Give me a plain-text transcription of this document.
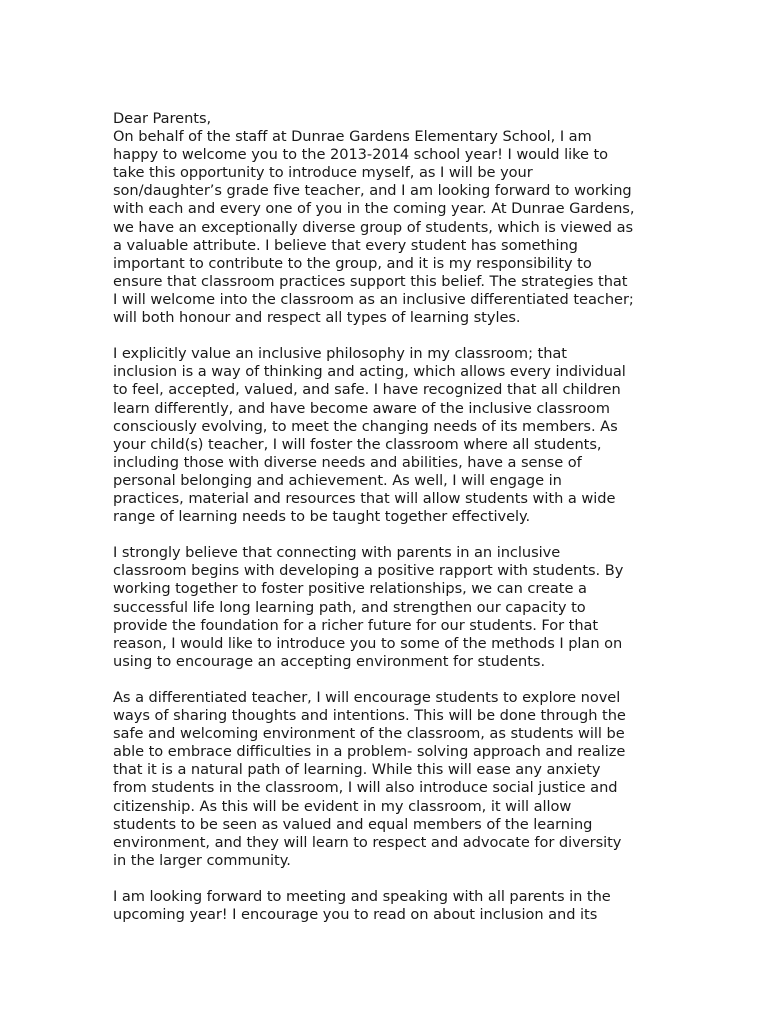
Dear Parents,

On behalf of the staff at Dunrae Gardens Elementary School, I am
happy to welcome you to the 2013-2014 school year! I would like to
take this opportunity to introduce myself, as I will be your
son/daughter’s grade five teacher, and I am looking forward to working
with each and every one of you in the coming year. At Dunrae Gardens,
we have an exceptionally diverse group of students, which is viewed as
a valuable attribute. I believe that every student has something
important to contribute to the group, and it is my responsibility to
ensure that classroom practices support this belief. The strategies that
I will welcome into the classroom as an inclusive differentiated teacher;
will both honour and respect all types of learning styles.

I explicitly value an inclusive philosophy in my classroom; that
inclusion is a way of thinking and acting, which allows every individual
to feel, accepted, valued, and safe. I have recognized that all children
learn differently, and have become aware of the inclusive classroom
consciously evolving, to meet the changing needs of its members. As
your child(s) teacher, I will foster the classroom where all students,
including those with diverse needs and abilities, have a sense of
personal belonging and achievement. As well, I will engage in
practices, material and resources that will allow students with a wide
range of learning needs to be taught together effectively.

I strongly believe that connecting with parents in an inclusive
classroom begins with developing a positive rapport with students. By
working together to foster positive relationships, we can create a
successful life long learning path, and strengthen our capacity to
provide the foundation for a richer future for our students. For that
reason, I would like to introduce you to some of the methods I plan on
using to encourage an accepting environment for students.

As a differentiated teacher, I will encourage students to explore novel
ways of sharing thoughts and intentions. This will be done through the
safe and welcoming environment of the classroom, as students will be
able to embrace difficulties in a problem- solving approach and realize
that it is a natural path of learning. While this will ease any anxiety
from students in the classroom, I will also introduce social justice and
citizenship. As this will be evident in my classroom, it will allow
students to be seen as valued and equal members of the learning
environment, and they will learn to respect and advocate for diversity
in the larger community.

I am looking forward to meeting and speaking with all parents in the
upcoming year! I encourage you to read on about inclusion and its
